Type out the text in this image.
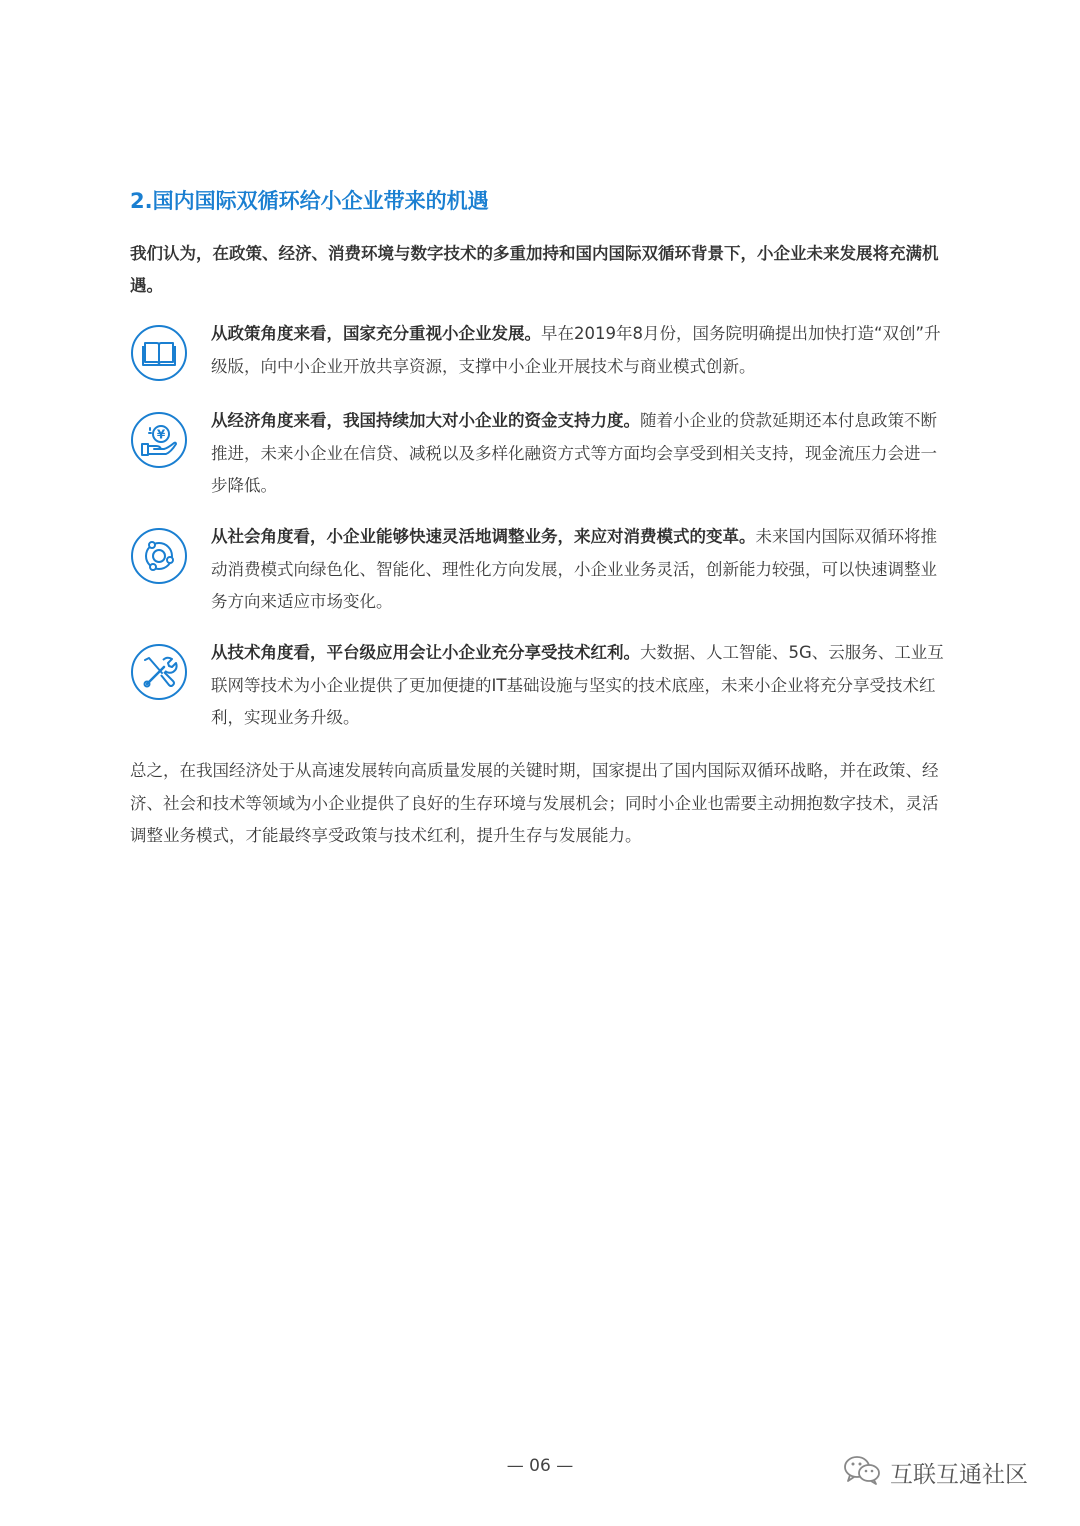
2.国内国际双循环给小企业带来的机遇
我们认为，在政策、经济、消费环境与数字技术的多重加持和国内国际双循环背景下，小企业未来发展将充满机遇。
从政策角度来看，国家充分重视小企业发展。早在2019年8月份，国务院明确提出加快打造“双创”升级版，向中小企业开放共享资源，支撑中小企业开展技术与商业模式创新。
¥
从经济角度来看，我国持续加大对小企业的资金支持力度。随着小企业的贷款延期还本付息政策不断推进，未来小企业在信贷、减税以及多样化融资方式等方面均会享受到相关支持，现金流压力会进一步降低。
从社会角度看，小企业能够快速灵活地调整业务，来应对消费模式的变革。未来国内国际双循环将推动消费模式向绿色化、智能化、理性化方向发展，小企业业务灵活，创新能力较强，可以快速调整业务方向来适应市场变化。
从技术角度看，平台级应用会让小企业充分享受技术红利。大数据、人工智能、5G、云服务、工业互联网等技术为小企业提供了更加便捷的IT基础设施与坚实的技术底座，未来小企业将充分享受技术红利，实现业务升级。
总之，在我国经济处于从高速发展转向高质量发展的关键时期，国家提出了国内国际双循环战略，并在政策、经济、社会和技术等领域为小企业提供了良好的生存环境与发展机会；同时小企业也需要主动拥抱数字技术，灵活调整业务模式，才能最终享受政策与技术红利，提升生存与发展能力。
— 06 —	互联互通社区
